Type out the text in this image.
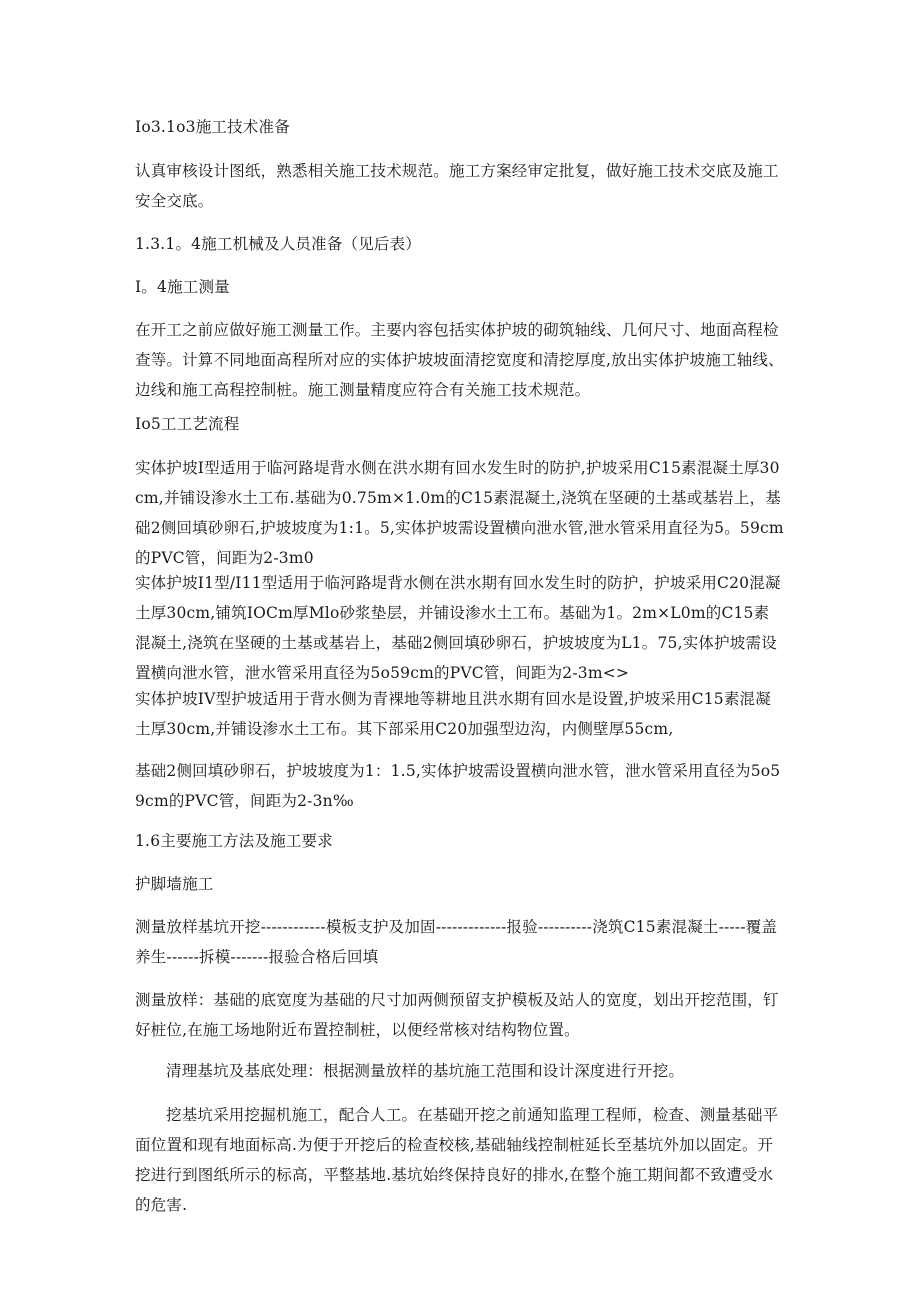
Io3.1o3施工技术准备

认真审核设计图纸，熟悉相关施工技术规范。施工方案经审定批复，做好施工技术交底及施工安全交底。

1.3.1。4施工机械及人员准备（见后表）

I。4施工测量

在开工之前应做好施工测量工作。主要内容包括实体护坡的砌筑轴线、几何尺寸、地面高程检查等。计算不同地面高程所对应的实体护坡坡面清挖宽度和清挖厚度,放出实体护坡施工轴线、边线和施工高程控制桩。施工测量精度应符合有关施工技术规范。

Io5工工艺流程

实体护坡I型适用于临河路堤背水侧在洪水期有回水发生时的防护,护坡采用C15素混凝土厚30cm,并铺设渗水土工布.基础为0.75m×1.0m的C15素混凝土,浇筑在坚硬的土基或基岩上，基础2侧回填砂卵石,护坡坡度为1:1。5,实体护坡需设置横向泄水管,泄水管采用直径为5。59cm的PVC管，间距为2-3m0

实体护坡I1型/I11型适用于临河路堤背水侧在洪水期有回水发生时的防护，护坡采用C20混凝土厚30cm,铺筑IOCm厚Mlo砂浆垫层，并铺设渗水土工布。基础为1。2m×L0m的C15素混凝土,浇筑在坚硬的土基或基岩上，基础2侧回填砂卵石，护坡坡度为L1。75,实体护坡需设置横向泄水管，泄水管采用直径为5o59cm的PVC管，间距为2-3m<>

实体护坡IV型护坡适用于背水侧为青裸地等耕地且洪水期有回水是设置,护坡采用C15素混凝土厚30cm,并铺设渗水土工布。其下部采用C20加强型边沟，内侧壁厚55cm,

基础2侧回填砂卵石，护坡坡度为1：1.5,实体护坡需设置横向泄水管，泄水管采用直径为5o59cm的PVC管，间距为2-3n‰

1.6主要施工方法及施工要求

护脚墙施工

测量放样基坑开挖------------模板支护及加固-------------报验----------浇筑C15素混凝土-----覆盖养生------拆模-------报验合格后回填

测量放样：基础的底宽度为基础的尺寸加两侧预留支护模板及站人的宽度，划出开挖范围，钉好桩位,在施工场地附近布置控制桩，以便经常核对结构物位置。

清理基坑及基底处理：根据测量放样的基坑施工范围和设计深度进行开挖。

挖基坑采用挖掘机施工，配合人工。在基础开挖之前通知监理工程师，检查、测量基础平面位置和现有地面标高.为便于开挖后的检查校核,基础轴线控制桩延长至基坑外加以固定。开挖进行到图纸所示的标高，平整基地.基坑始终保持良好的排水,在整个施工期间都不致遭受水的危害.
